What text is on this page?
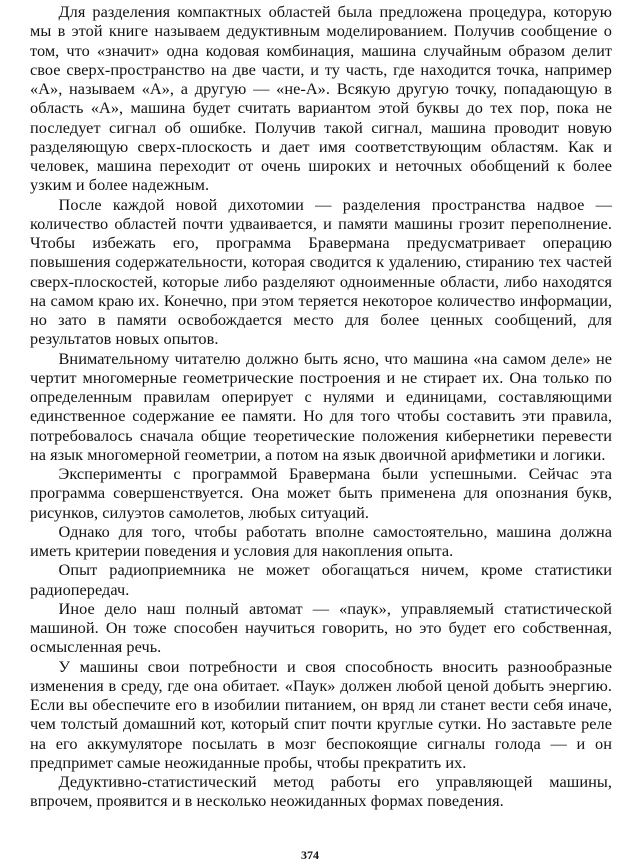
Для разделения компактных областей была предложена процедура, которую мы в этой книге называем дедуктивным моделированием. Получив сообщение о том, что «значит» одна кодовая комбинация, машина случайным образом делит свое сверх-пространство на две части, и ту часть, где находится точка, например «А», называем «А», а другую — «не-А». Всякую другую точку, попадающую в область «А», машина будет считать вариантом этой буквы до тех пор, пока не последует сигнал об ошибке. Получив такой сигнал, машина проводит новую разделяющую сверх-плоскость и дает имя соответствующим областям. Как и человек, машина переходит от очень широких и неточных обобщений к более узким и более надежным.

После каждой новой дихотомии — разделения пространства надвое — количество областей почти удваивается, и памяти машины грозит переполнение. Чтобы избежать его, программа Бравермана предусматривает операцию повышения содержательности, которая сводится к удалению, стиранию тех частей сверх-плоскостей, которые либо разделяют одноименные области, либо находятся на самом краю их. Конечно, при этом теряется некоторое количество информации, но зато в памяти освобождается место для более ценных сообщений, для результатов новых опытов.

Внимательному читателю должно быть ясно, что машина «на самом деле» не чертит многомерные геометрические построения и не стирает их. Она только по определенным правилам оперирует с нулями и единицами, составляющими единственное содержание ее памяти. Но для того чтобы составить эти правила, потребовалось сначала общие теоретические положения кибернетики перевести на язык многомерной геометрии, а потом на язык двоичной арифметики и логики.

Эксперименты с программой Бравермана были успешными. Сейчас эта программа совершенствуется. Она может быть применена для опознания букв, рисунков, силуэтов самолетов, любых ситуаций.

Однако для того, чтобы работать вполне самостоятельно, машина должна иметь критерии поведения и условия для накопления опыта.

Опыт радиоприемника не может обогащаться ничем, кроме статистики радиопередач.

Иное дело наш полный автомат — «паук», управляемый статистической машиной. Он тоже способен научиться говорить, но это будет его собственная, осмысленная речь.

У машины свои потребности и своя способность вносить разнообразные изменения в среду, где она обитает. «Паук» должен любой ценой добыть энергию. Если вы обеспечите его в изобилии питанием, он вряд ли станет вести себя иначе, чем толстый домашний кот, который спит почти круглые сутки. Но заставьте реле на его аккумуляторе посылать в мозг беспокоящие сигналы голода — и он предпримет самые неожиданные пробы, чтобы прекратить их.

Дедуктивно-статистический метод работы его управляющей машины, впрочем, проявится и в несколько неожиданных формах поведения.

374
